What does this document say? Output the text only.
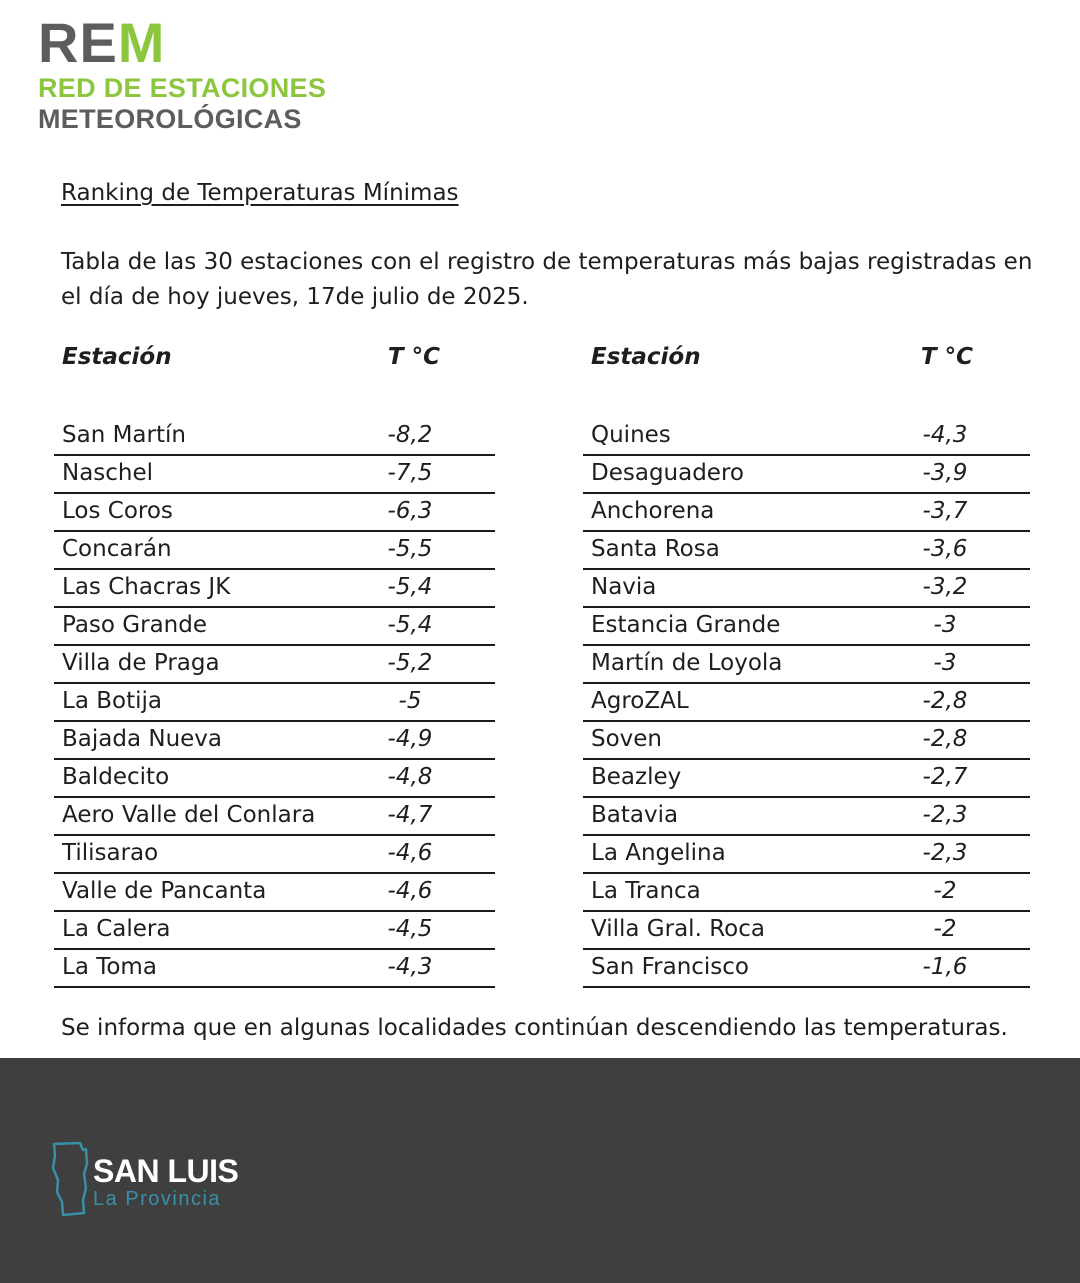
REM
RED DE ESTACIONES
METEOROLÓGICAS
Ranking de Temperaturas Mínimas
Tabla de las 30 estaciones con el registro de temperaturas más bajas registradas en el día de hoy jueves, 17de julio de 2025.
Estación	T °C
San Martín	-8,2
Naschel	-7,5
Los Coros	-6,3
Concarán	-5,5
Las Chacras JK	-5,4
Paso Grande	-5,4
Villa de Praga	-5,2
La Botija	-5
Bajada Nueva	-4,9
Baldecito	-4,8
Aero Valle del Conlara	-4,7
Tilisarao	-4,6
Valle de Pancanta	-4,6
La Calera	-4,5
La Toma	-4,3
Estación	T °C
Quines	-4,3
Desaguadero	-3,9
Anchorena	-3,7
Santa Rosa	-3,6
Navia	-3,2
Estancia Grande	-3
Martín de Loyola	-3
AgroZAL	-2,8
Soven	-2,8
Beazley	-2,7
Batavia	-2,3
La Angelina	-2,3
La Tranca	-2
Villa Gral. Roca	-2
San Francisco	-1,6
Se informa que en algunas localidades continúan descendiendo las temperaturas.
SAN LUIS
La Provincia
